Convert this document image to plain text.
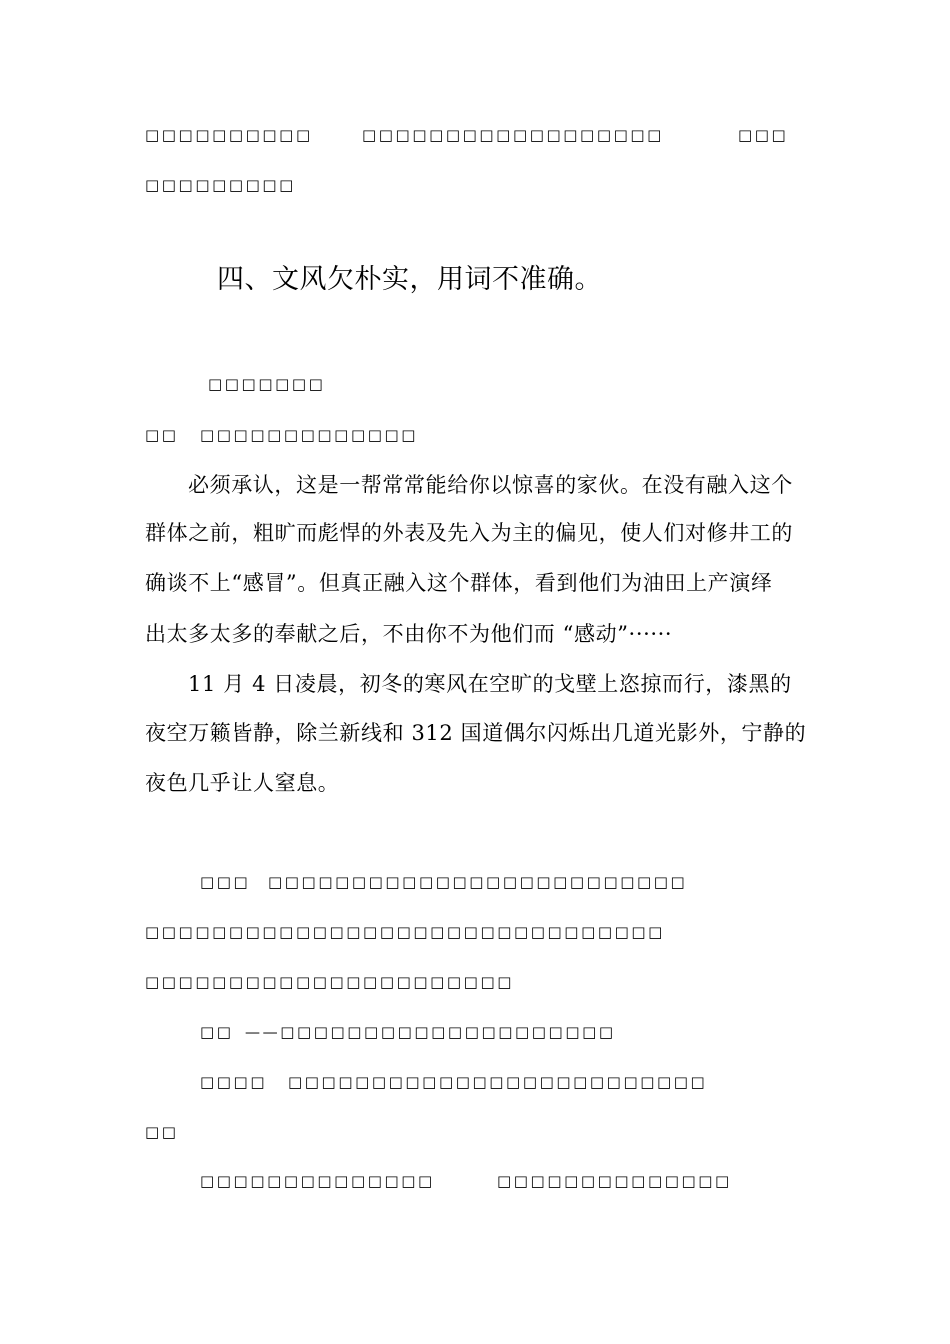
□□□□□□□□□□	□□□□□□□□□□□□□□□□□□	□□□
□□□□□□□□□
四、文风欠朴实，用词不准确。
□□□□□□□
□□ □□□□□□□□□□□□□
必须承认，这是一帮常常能给你以惊喜的家伙。在没有融入这个
群体之前，粗旷而彪悍的外表及先入为主的偏见，使人们对修井工的
确谈不上“感冒”。但真正融入这个群体，看到他们为油田上产演绎
出太多太多的奉献之后，不由你不为他们而 “感动”······
11 月 4 日凌晨，初冬的寒风在空旷的戈壁上恣掠而行，漆黑的
夜空万籁皆静，除兰新线和 312 国道偶尔闪烁出几道光影外，宁静的
夜色几乎让人窒息。
□□□ □□□□□□□□□□□□□□□□□□□□□□□□□
□□□□□□□□□□□□□□□□□□□□□□□□□□□□□□□
□□□□□□□□□□□□□□□□□□□□□□
□□ ——□□□□□□□□□□□□□□□□□□□□
□□□□ □□□□□□□□□□□□□□□□□□□□□□□□□
□□
□□□□□□□□□□□□□□	□□□□□□□□□□□□□□
